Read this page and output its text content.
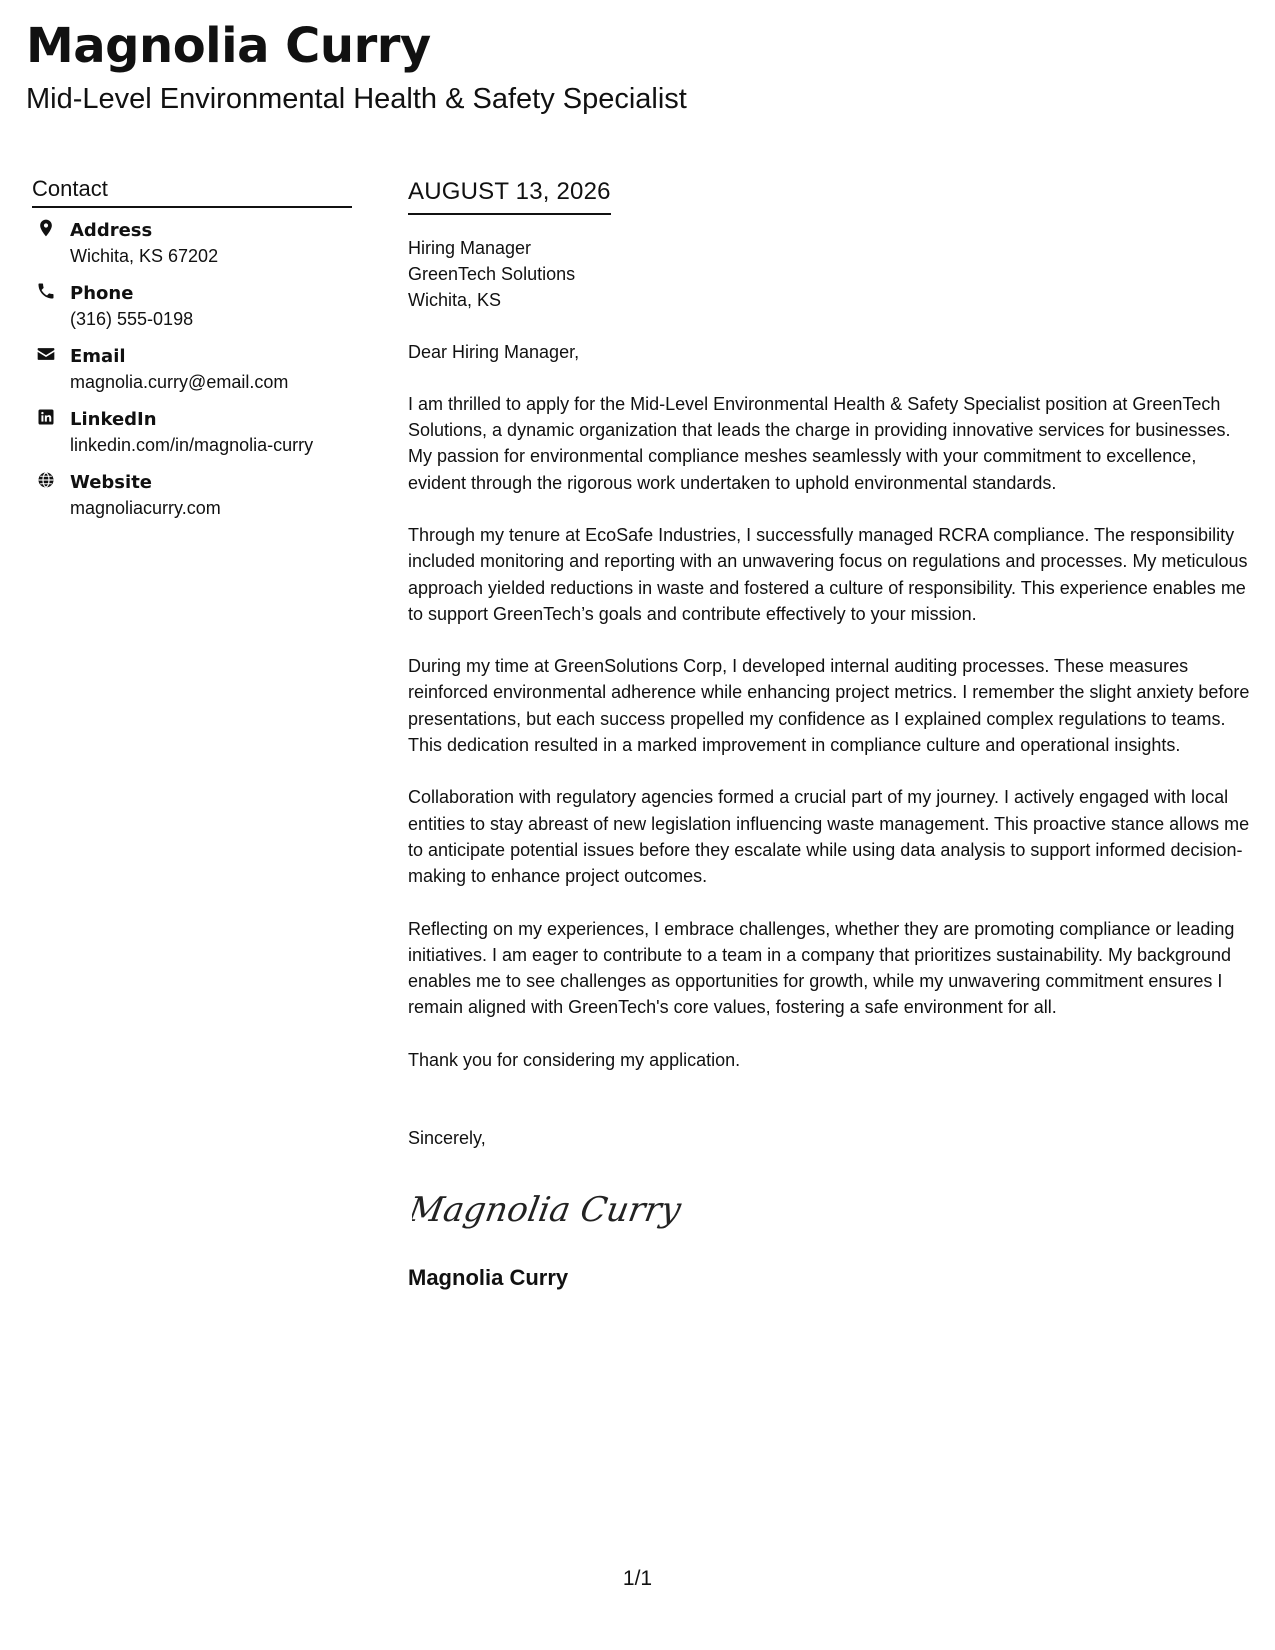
Magnolia Curry
Mid-Level Environmental Health & Safety Specialist
Contact
Address
Wichita, KS 67202
Phone
(316) 555-0198
Email
magnolia.curry@email.com
LinkedIn
linkedin.com/in/magnolia-curry
Website
magnoliacurry.com
AUGUST 13, 2026
Hiring Manager
GreenTech Solutions
Wichita, KS
Dear Hiring Manager,

I am thrilled to apply for the Mid-Level Environmental Health & Safety Specialist position at GreenTech Solutions, a dynamic organization that leads the charge in providing innovative services for businesses. My passion for environmental compliance meshes seamlessly with your commitment to excellence, evident through the rigorous work undertaken to uphold environmental standards.

Through my tenure at EcoSafe Industries, I successfully managed RCRA compliance. The responsibility included monitoring and reporting with an unwavering focus on regulations and processes. My meticulous approach yielded reductions in waste and fostered a culture of responsibility. This experience enables me to support GreenTech’s goals and contribute effectively to your mission.

During my time at GreenSolutions Corp, I developed internal auditing processes. These measures reinforced environmental adherence while enhancing project metrics. I remember the slight anxiety before presentations, but each success propelled my confidence as I explained complex regulations to teams. This dedication resulted in a marked improvement in compliance culture and operational insights.

Collaboration with regulatory agencies formed a crucial part of my journey. I actively engaged with local entities to stay abreast of new legislation influencing waste management. This proactive stance allows me to anticipate potential issues before they escalate while using data analysis to support informed decision-making to enhance project outcomes.

Reflecting on my experiences, I embrace challenges, whether they are promoting compliance or leading initiatives. I am eager to contribute to a team in a company that prioritizes sustainability. My background enables me to see challenges as opportunities for growth, while my unwavering commitment ensures I remain aligned with GreenTech's core values, fostering a safe environment for all.

Thank you for considering my application.

Sincerely,
Magnolia Curry
Magnolia Curry
1/1
